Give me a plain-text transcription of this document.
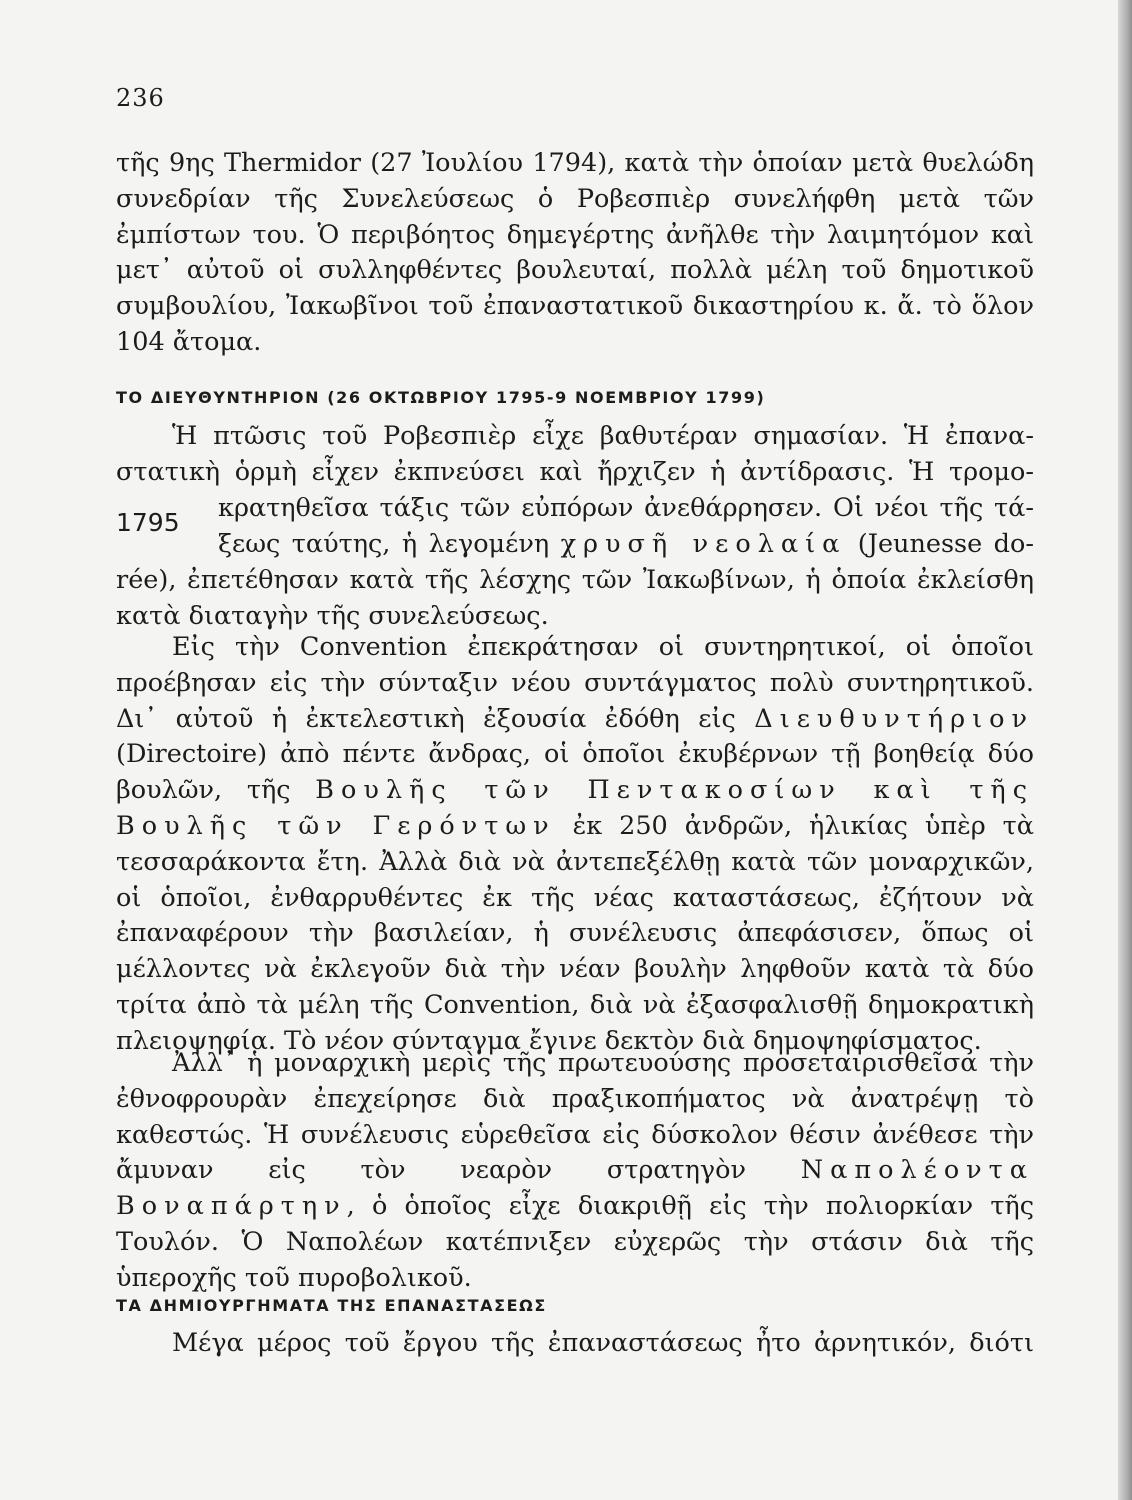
236

τῆς 9ης Thermidor (27 Ἰουλίου 1794), κατὰ τὴν ὁποίαν μετὰ θυελώδη συνεδρίαν τῆς Συνελεύσεως ὁ Ροβεσπιὲρ συνελήφθη μετὰ τῶν ἐμπίστων του. Ὁ περιβόητος δημεγέρτης ἀνῆλθε τὴν λαιμητόμον καὶ μετ᾽ αὐτοῦ οἱ συλληφθέντες βουλευταί, πολλὰ μέλη τοῦ δημοτικοῦ συμβουλίου, Ἰακωβῖνοι τοῦ ἐπαναστατικοῦ δικαστηρίου κ. ἄ. τὸ ὅλον 104 ἄτομα.

ΤΟ ΔΙΕΥΘΥΝΤΗΡΙΟΝ (26 ΟΚΤΩΒΡΙΟΥ 1795-9 ΝΟΕΜΒΡΙΟΥ 1799)

Ἡ πτῶσις τοῦ Ροβεσπιὲρ εἶχε βαθυτέραν σημασίαν. Ἡ ἐπανα-
στατικὴ ὁρμὴ εἶχεν ἐκπνεύσει καὶ ἤρχιζεν ἡ ἀντίδρασις. Ἡ τρομο-
κρατηθεῖσα τάξις τῶν εὐπόρων ἀνεθάρρησεν. Οἱ νέοι τῆς τά-
ξεως ταύτης, ἡ λεγομένη χρυσῆ νεολαία (Jeunesse do-
rée), ἐπετέθησαν κατὰ τῆς λέσχης τῶν Ἰακωβίνων, ἡ ὁποία ἐκλείσθη
κατὰ διαταγὴν τῆς συνελεύσεως.
1795

Εἰς τὴν Convention ἐπεκράτησαν οἱ συντηρητικοί, οἱ ὁποῖοι προέβησαν εἰς τὴν σύνταξιν νέου συντάγματος πολὺ συντηρητικοῦ. Δι᾽ αὐτοῦ ἡ ἐκτελεστικὴ ἐξουσία ἐδόθη εἰς Διευθυντήριον (Directoire) ἀπὸ πέντε ἄνδρας, οἱ ὁποῖοι ἐκυβέρνων τῇ βοηθείᾳ δύο βουλῶν, τῆς Βουλῆς τῶν Πεντακοσίων καὶ τῆς Βουλῆς τῶν Γερόντων ἐκ 250 ἀνδρῶν, ἡλικίας ὑπὲρ τὰ τεσσαράκοντα ἔτη. Ἀλλὰ διὰ νὰ ἀντεπεξέλθῃ κατὰ τῶν μοναρχικῶν, οἱ ὁποῖοι, ἐνθαρρυθέντες ἐκ τῆς νέας καταστάσεως, ἐζήτουν νὰ ἐπαναφέρουν τὴν βασιλείαν, ἡ συνέλευσις ἀπεφάσισεν, ὅπως οἱ μέλλοντες νὰ ἐκλεγοῦν διὰ τὴν νέαν βουλὴν ληφθοῦν κατὰ τὰ δύο τρίτα ἀπὸ τὰ μέλη τῆς Convention, διὰ νὰ ἐξασφαλισθῇ δημοκρατικὴ πλειοψηφία. Τὸ νέον σύνταγμα ἔγινε δεκτὸν διὰ δημοψηφίσματος.

Ἀλλ᾽ ἡ μοναρχικὴ μερὶς τῆς πρωτευούσης προσεταιρισθεῖσα τὴν ἐθνοφρουρὰν ἐπεχείρησε διὰ πραξικοπήματος νὰ ἀνατρέψῃ τὸ καθεστώς. Ἡ συνέλευσις εὑρεθεῖσα εἰς δύσκολον θέσιν ἀνέθεσε τὴν ἄμυναν εἰς τὸν νεαρὸν στρατηγὸν Ναπολέοντα Βοναπάρτην, ὁ ὁποῖος εἶχε διακριθῇ εἰς τὴν πολιορκίαν τῆς Τουλόν. Ὁ Ναπολέων κατέπνιξεν εὐχερῶς τὴν στάσιν διὰ τῆς ὑπεροχῆς τοῦ πυροβολικοῦ.

ΤΑ ΔΗΜΙΟΥΡΓΗΜΑΤΑ ΤΗΣ ΕΠΑΝΑΣΤΑΣΕΩΣ

Μέγα μέρος τοῦ ἔργου τῆς ἐπαναστάσεως ἦτο ἀρνητικόν, διότι
